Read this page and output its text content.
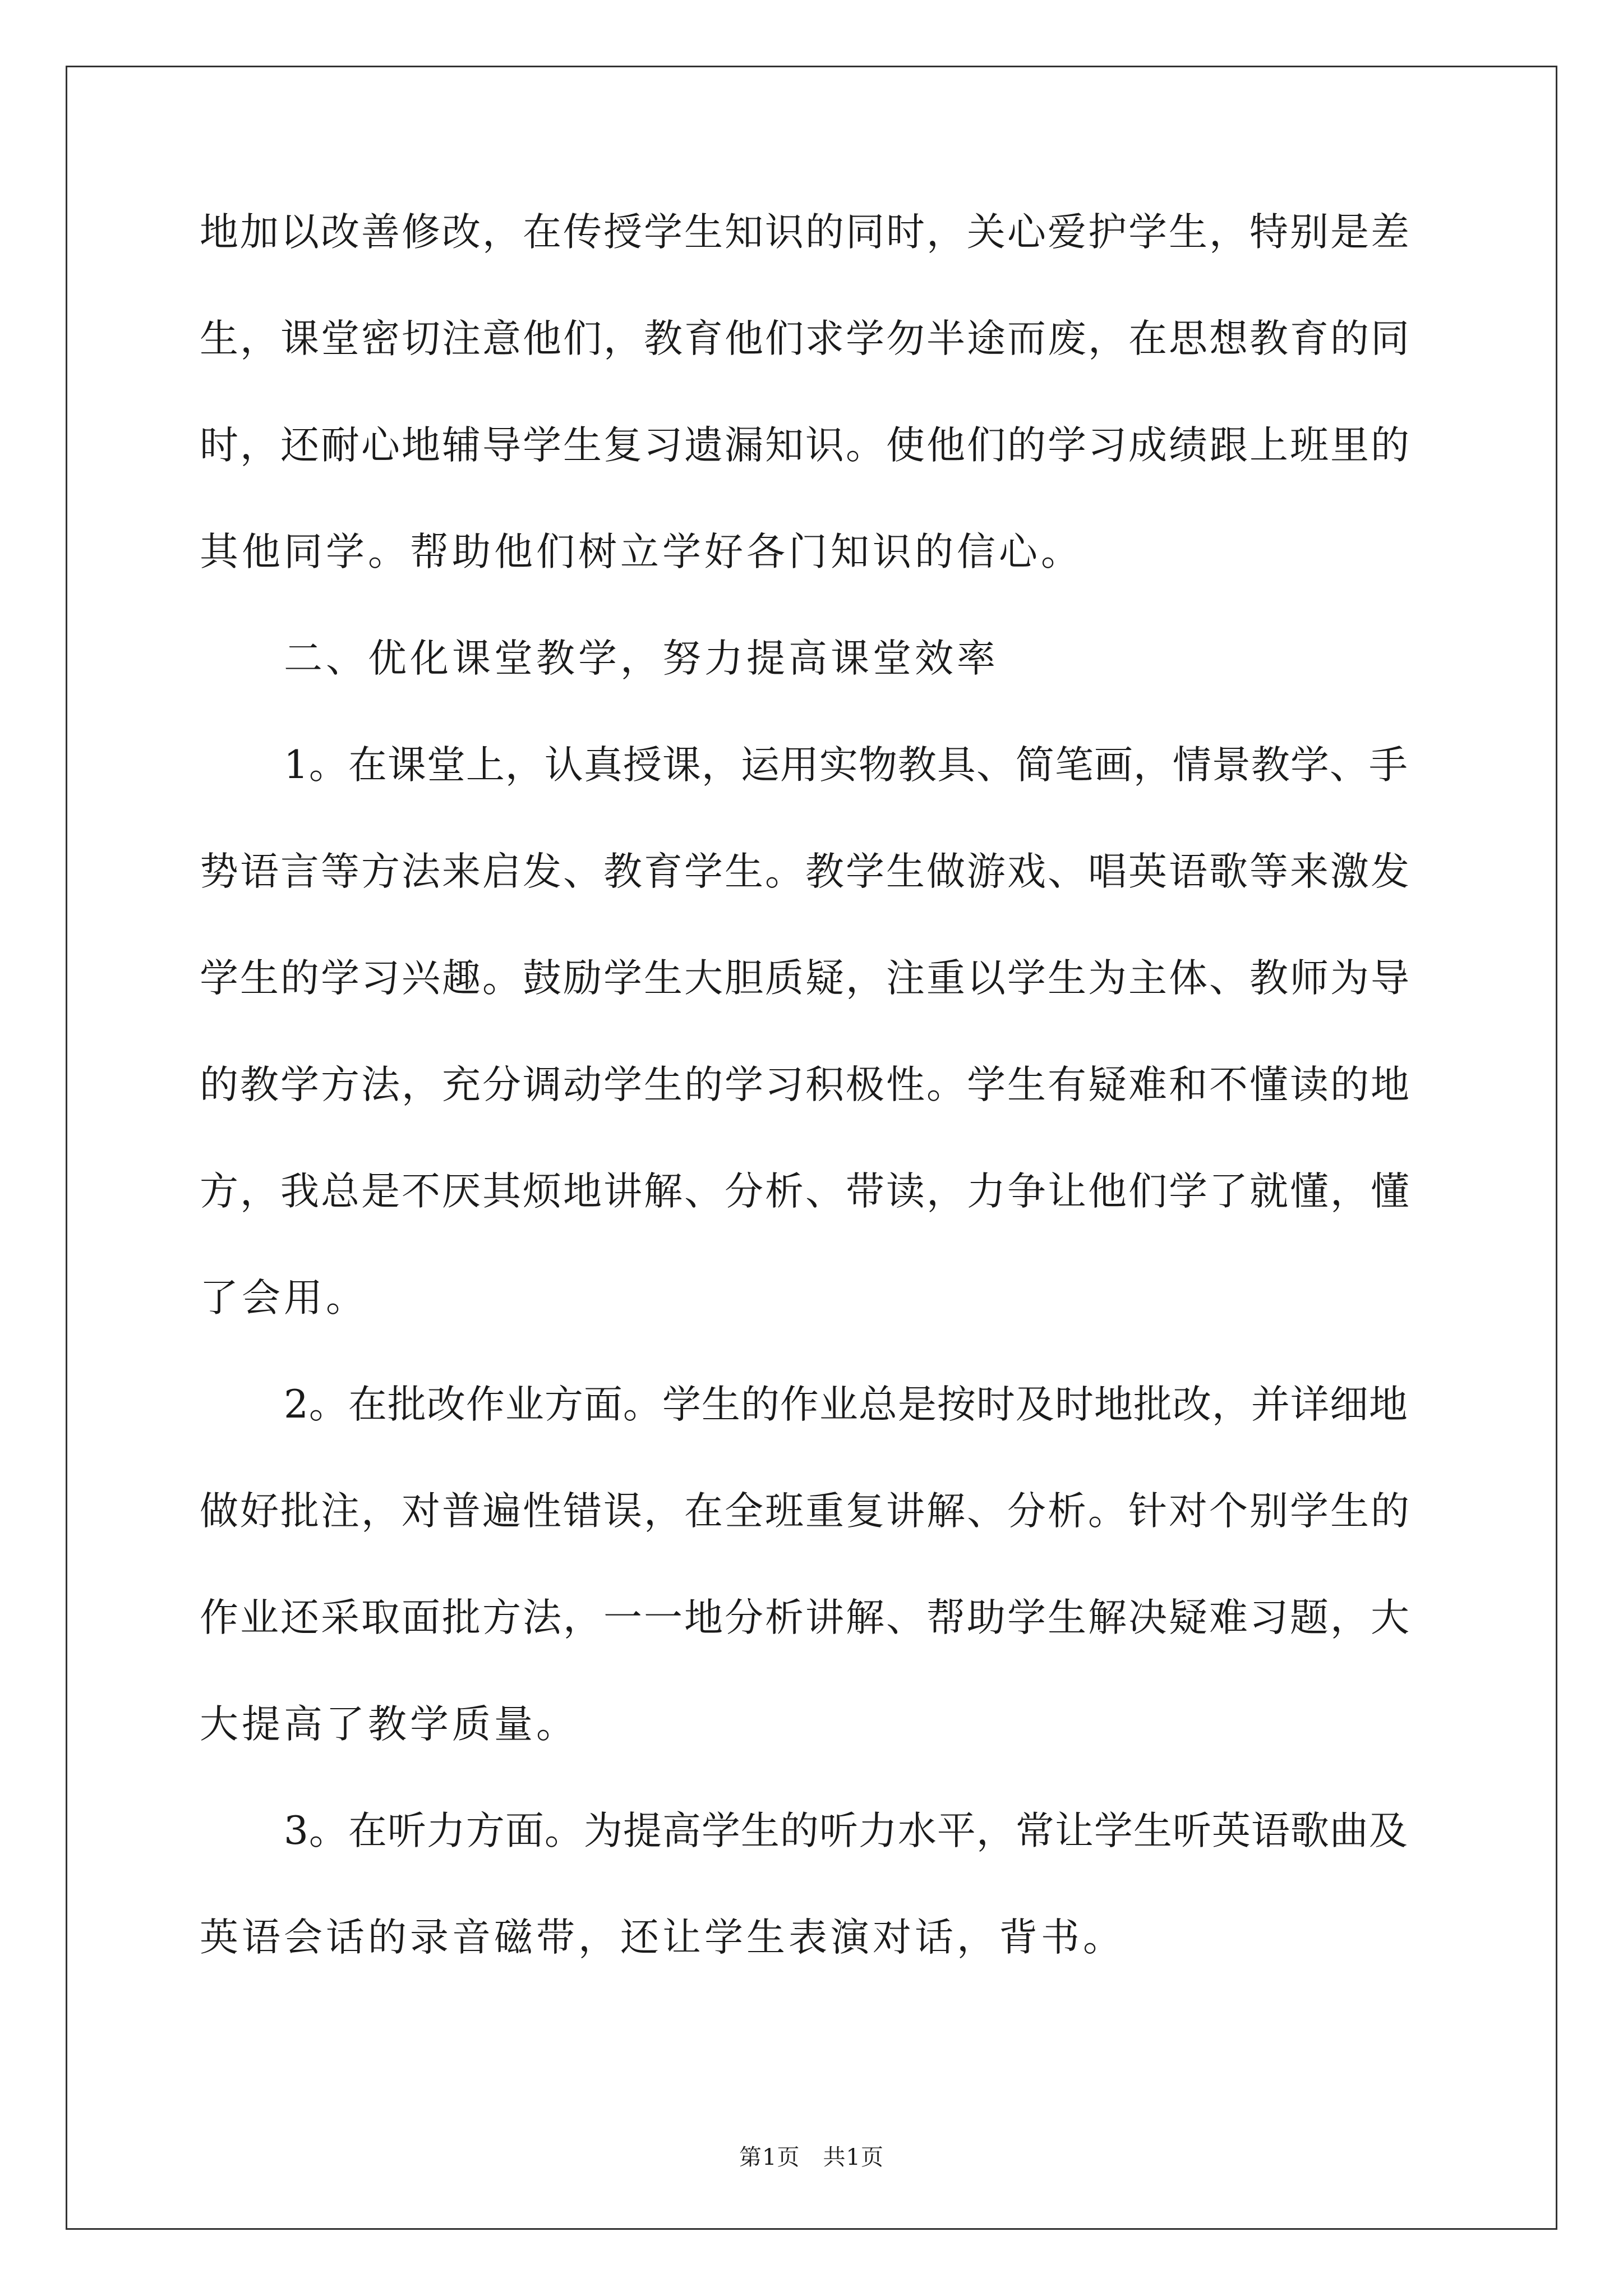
地加以改善修改，在传授学生知识的同时，关心爱护学生，特别是差

生，课堂密切注意他们，教育他们求学勿半途而废，在思想教育的同

时，还耐心地辅导学生复习遗漏知识。使他们的学习成绩跟上班里的

其他同学。帮助他们树立学好各门知识的信心。

二、优化课堂教学，努力提高课堂效率

1。在课堂上，认真授课，运用实物教具、简笔画，情景教学、手

势语言等方法来启发、教育学生。教学生做游戏、唱英语歌等来激发

学生的学习兴趣。鼓励学生大胆质疑，注重以学生为主体、教师为导

的教学方法，充分调动学生的学习积极性。学生有疑难和不懂读的地

方，我总是不厌其烦地讲解、分析、带读，力争让他们学了就懂，懂

了会用。

2。在批改作业方面。学生的作业总是按时及时地批改，并详细地

做好批注，对普遍性错误，在全班重复讲解、分析。针对个别学生的

作业还采取面批方法，一一地分析讲解、帮助学生解决疑难习题，大

大提高了教学质量。

3。在听力方面。为提高学生的听力水平，常让学生听英语歌曲及

英语会话的录音磁带，还让学生表演对话，背书。

第1页　共1页
